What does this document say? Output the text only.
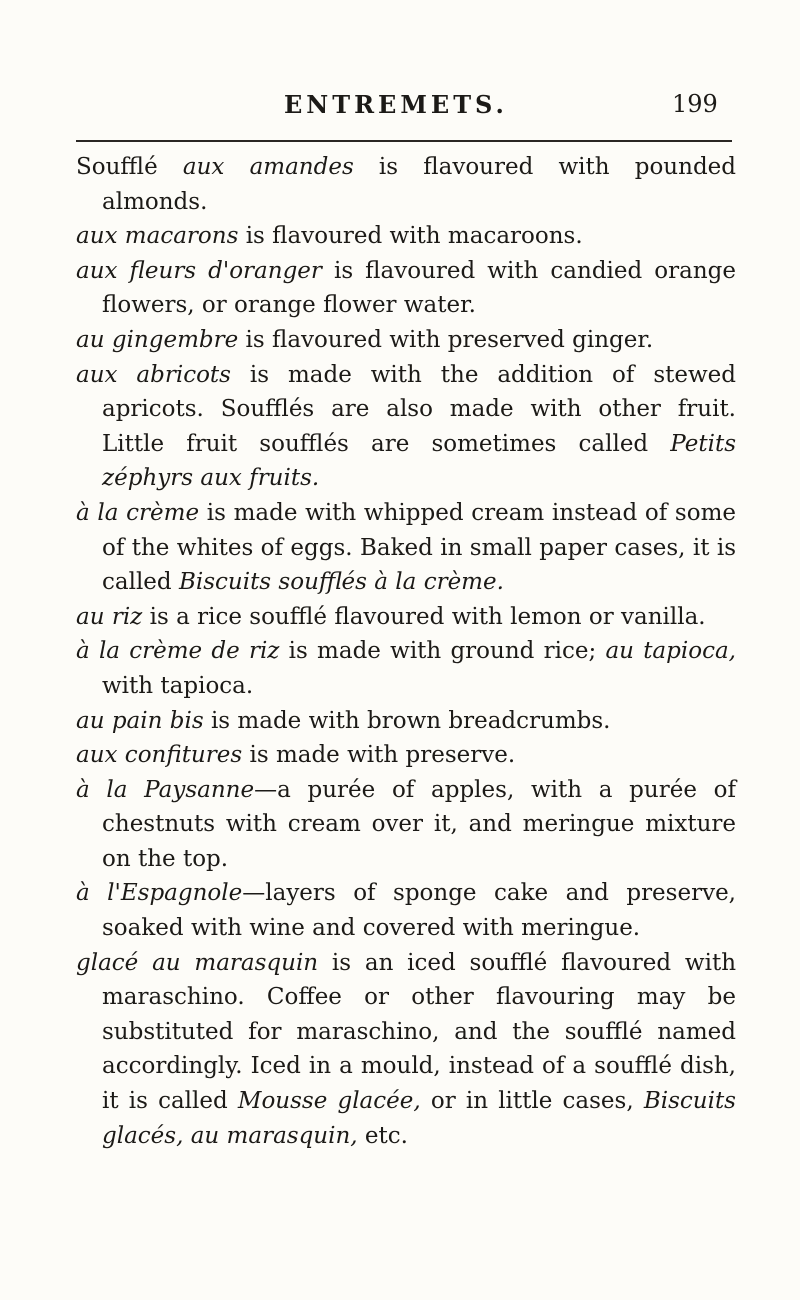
ENTREMETS.	199

Soufflé aux amandes is flavoured with pounded almonds.

aux macarons is flavoured with macaroons.

aux fleurs d'oranger is flavoured with candied orange flowers, or orange flower water.

au gingembre is flavoured with preserved ginger.

aux abricots is made with the addition of stewed apricots. Soufflés are also made with other fruit. Little fruit soufflés are sometimes called Petits zéphyrs aux fruits.

à la crème is made with whipped cream instead of some of the whites of eggs. Baked in small paper cases, it is called Biscuits soufflés à la crème.

au riz is a rice soufflé flavoured with lemon or vanilla.

à la crème de riz is made with ground rice; au tapioca, with tapioca.

au pain bis is made with brown breadcrumbs.

aux confitures is made with preserve.

à la Paysanne—a purée of apples, with a purée of chestnuts with cream over it, and meringue mixture on the top.

à l'Espagnole—layers of sponge cake and preserve, soaked with wine and covered with meringue.

glacé au marasquin is an iced soufflé flavoured with maraschino. Coffee or other flavouring may be substituted for maraschino, and the soufflé named accordingly. Iced in a mould, instead of a soufflé dish, it is called Mousse glacée, or in little cases, Biscuits glacés, au marasquin, etc.
